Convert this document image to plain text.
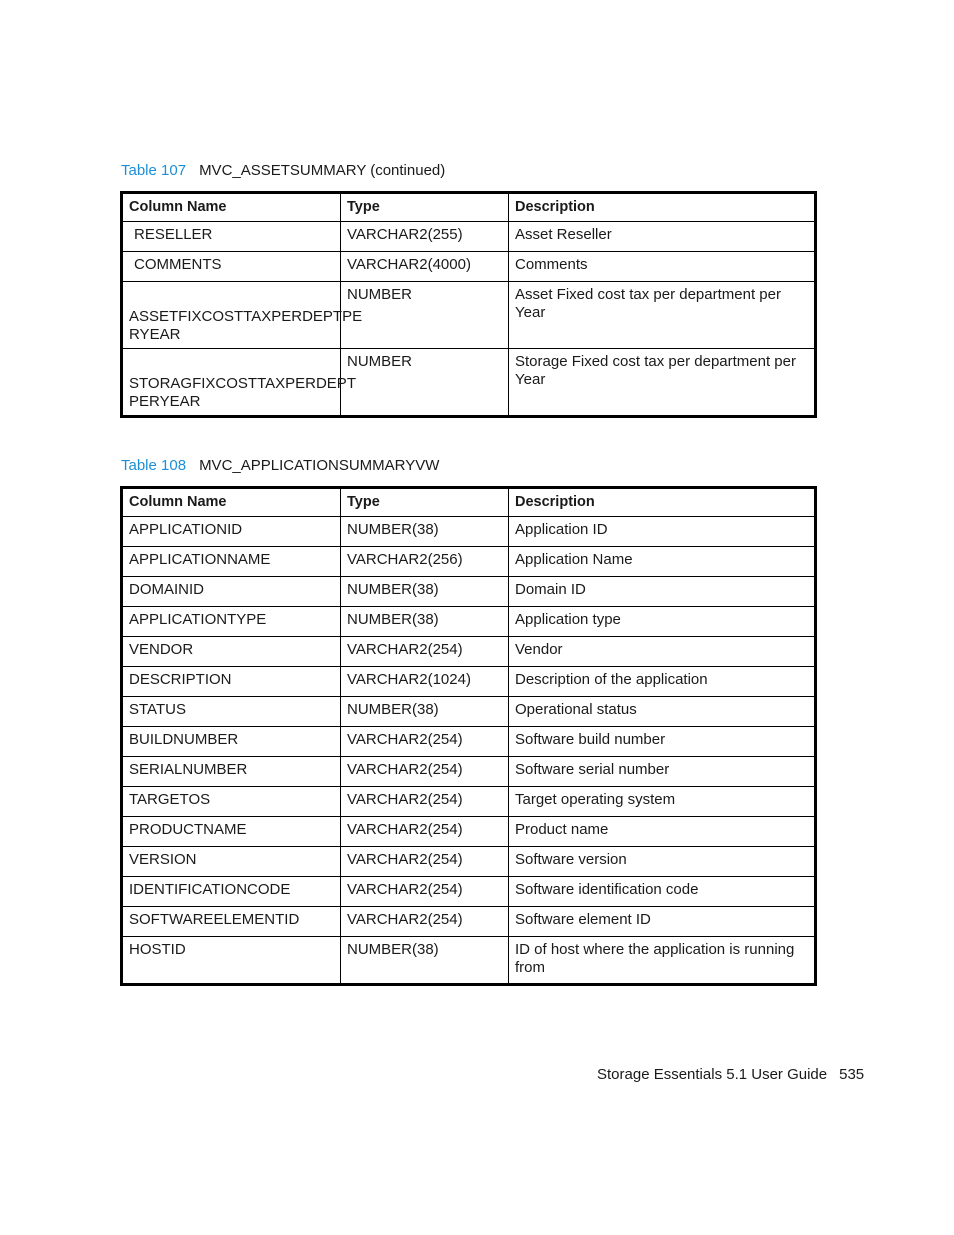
Table 107 MVC_ASSETSUMMARY (continued)
Column Name	Type	Description
RESELLER	VARCHAR2(255)	Asset Reseller
COMMENTS	VARCHAR2(4000)	Comments
ASSETFIXCOSTTAXPERDEPTPE RYEAR	NUMBER	Asset Fixed cost tax per department per Year
STORAGFIXCOSTTAXPERDEPT PERYEAR	NUMBER	Storage Fixed cost tax per department per Year
Table 108 MVC_APPLICATIONSUMMARYVW
Column Name	Type	Description
APPLICATIONID	NUMBER(38)	Application ID
APPLICATIONNAME	VARCHAR2(256)	Application Name
DOMAINID	NUMBER(38)	Domain ID
APPLICATIONTYPE	NUMBER(38)	Application type
VENDOR	VARCHAR2(254)	Vendor
DESCRIPTION	VARCHAR2(1024)	Description of the application
STATUS	NUMBER(38)	Operational status
BUILDNUMBER	VARCHAR2(254)	Software build number
SERIALNUMBER	VARCHAR2(254)	Software serial number
TARGETOS	VARCHAR2(254)	Target operating system
PRODUCTNAME	VARCHAR2(254)	Product name
VERSION	VARCHAR2(254)	Software version
IDENTIFICATIONCODE	VARCHAR2(254)	Software identification code
SOFTWAREELEMENTID	VARCHAR2(254)	Software element ID
HOSTID	NUMBER(38)	ID of host where the application is running from
Storage Essentials 5.1 User Guide 535
